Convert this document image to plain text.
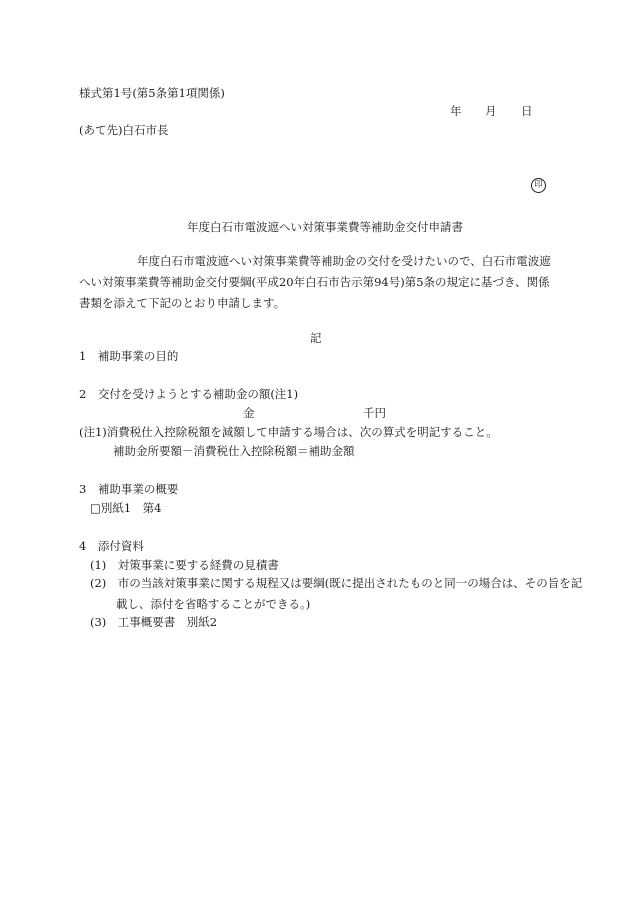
様式第1号(第5条第1項関係)
年 月 日
(あて先)白石市長
印
年度白石市電波遮へい対策事業費等補助金交付申請書
年度白石市電波遮へい対策事業費等補助金の交付を受けたいので、白石市電波遮へい対策事業費等補助金交付要綱(平成20年白石市告示第94号)第5条の規定に基づき、関係書類を添えて下記のとおり申請します。
記
1　補助事業の目的
2　交付を受けようとする補助金の額(注1)
金	千円
(注1)消費税仕入控除税額を減額して申請する場合は、次の算式を明記すること。
補助金所要額－消費税仕入控除税額＝補助金額
3　補助事業の概要
□別紙1　第4
4　添付資料
(1)　対策事業に要する経費の見積書
(2)　市の当該対策事業に関する規程又は要綱(既に提出されたものと同一の場合は、その旨を記載し、添付を省略することができる。)
(3)　工事概要書　別紙2
